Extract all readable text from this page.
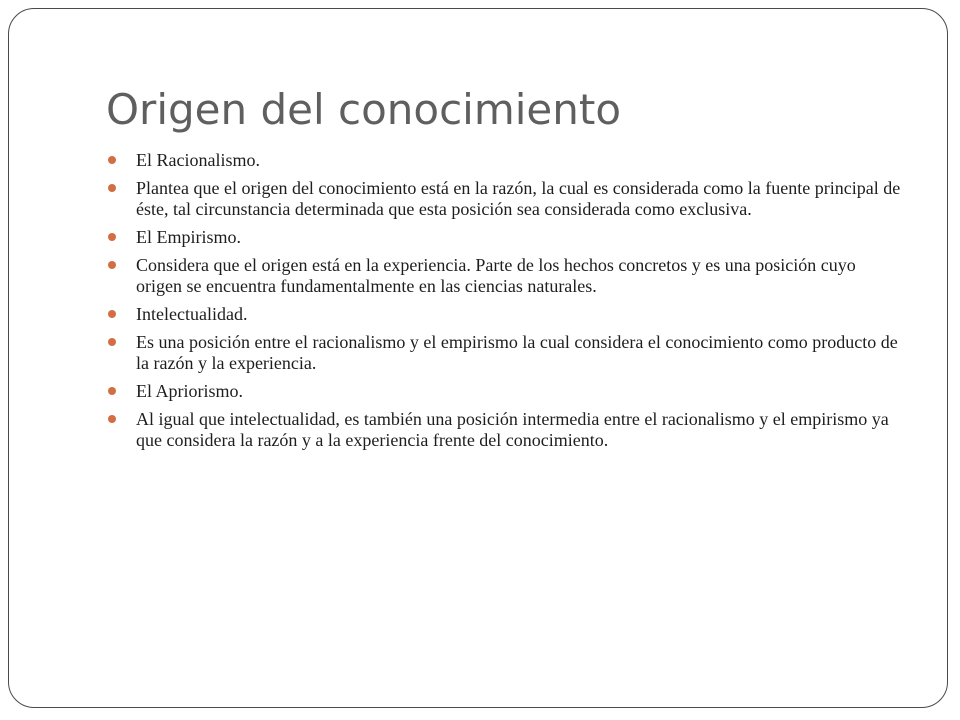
Origen del conocimiento
El Racionalismo.
Plantea que el origen del conocimiento está en la razón, la cual es considerada como la fuente principal de éste, tal circunstancia determinada que esta posición sea considerada como exclusiva.
El Empirismo.
Considera que el origen está en la experiencia. Parte de los hechos concretos y es una posición cuyo origen se encuentra fundamentalmente en las ciencias naturales.
Intelectualidad.
Es una posición entre el racionalismo y el empirismo la cual considera el conocimiento como producto de la razón y la experiencia.
El Apriorismo.
Al igual que intelectualidad, es también una posición intermedia entre el racionalismo y el empirismo ya que considera la razón y a la experiencia frente del conocimiento.
